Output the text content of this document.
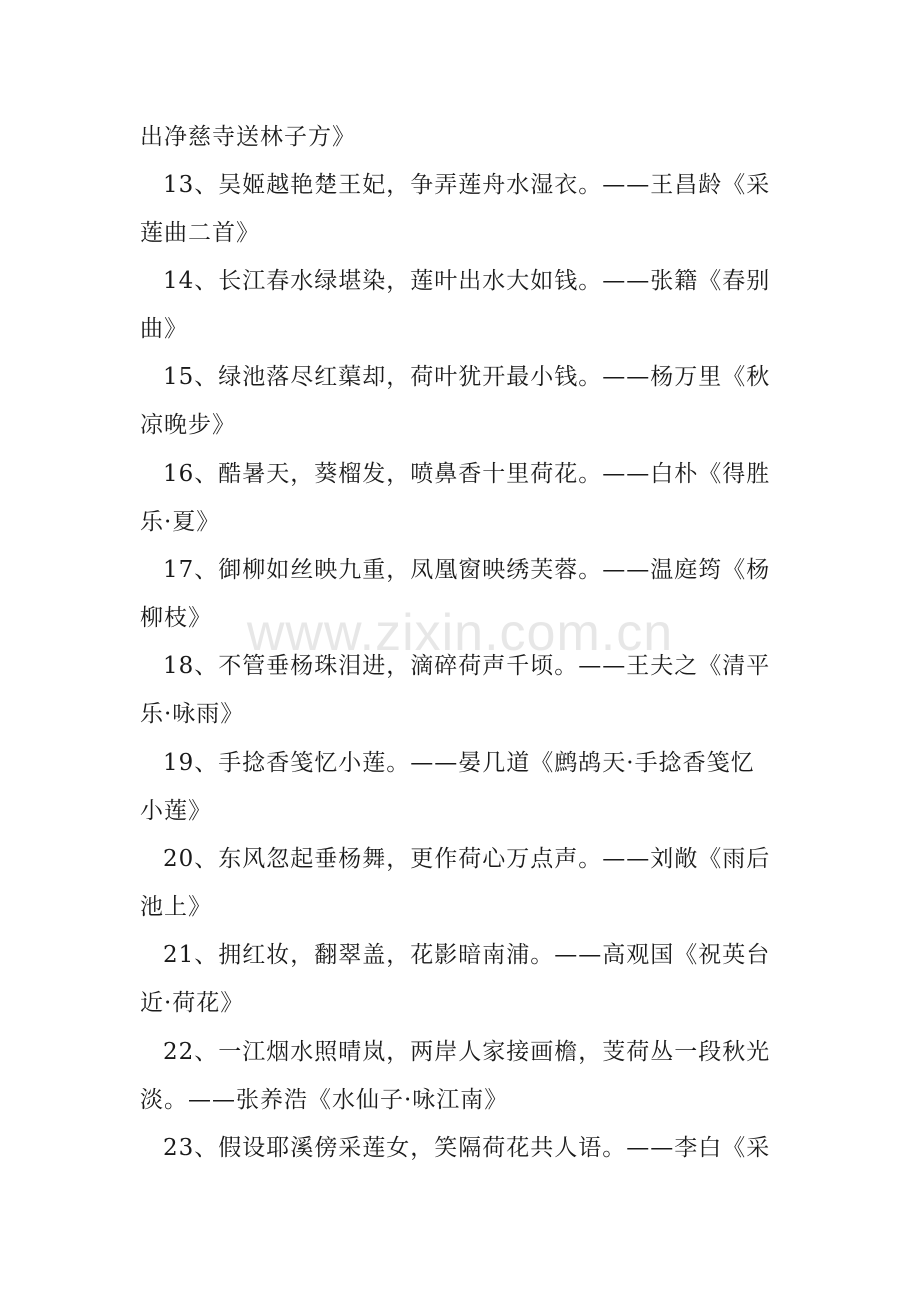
出净慈寺送林子方》
13、吴姬越艳楚王妃，争弄莲舟水湿衣。——王昌龄《采
莲曲二首》
14、长江春水绿堪染，莲叶出水大如钱。——张籍《春别
曲》
15、绿池落尽红蕖却，荷叶犹开最小钱。——杨万里《秋
凉晚步》
16、酷暑天，葵榴发，喷鼻香十里荷花。——白朴《得胜
乐·夏》
17、御柳如丝映九重，凤凰窗映绣芙蓉。——温庭筠《杨
柳枝》
18、不管垂杨珠泪进，滴碎荷声千顷。——王夫之《清平
乐·咏雨》
19、手捻香笺忆小莲。——晏几道《鹧鸪天·手捻香笺忆
小莲》
20、东风忽起垂杨舞，更作荷心万点声。——刘敞《雨后
池上》
21、拥红妆，翻翠盖，花影暗南浦。——高观国《祝英台
近·荷花》
22、一江烟水照晴岚，两岸人家接画檐，芰荷丛一段秋光
淡。——张养浩《水仙子·咏江南》
23、假设耶溪傍采莲女，笑隔荷花共人语。——李白《采
www.zixin.com.cn
